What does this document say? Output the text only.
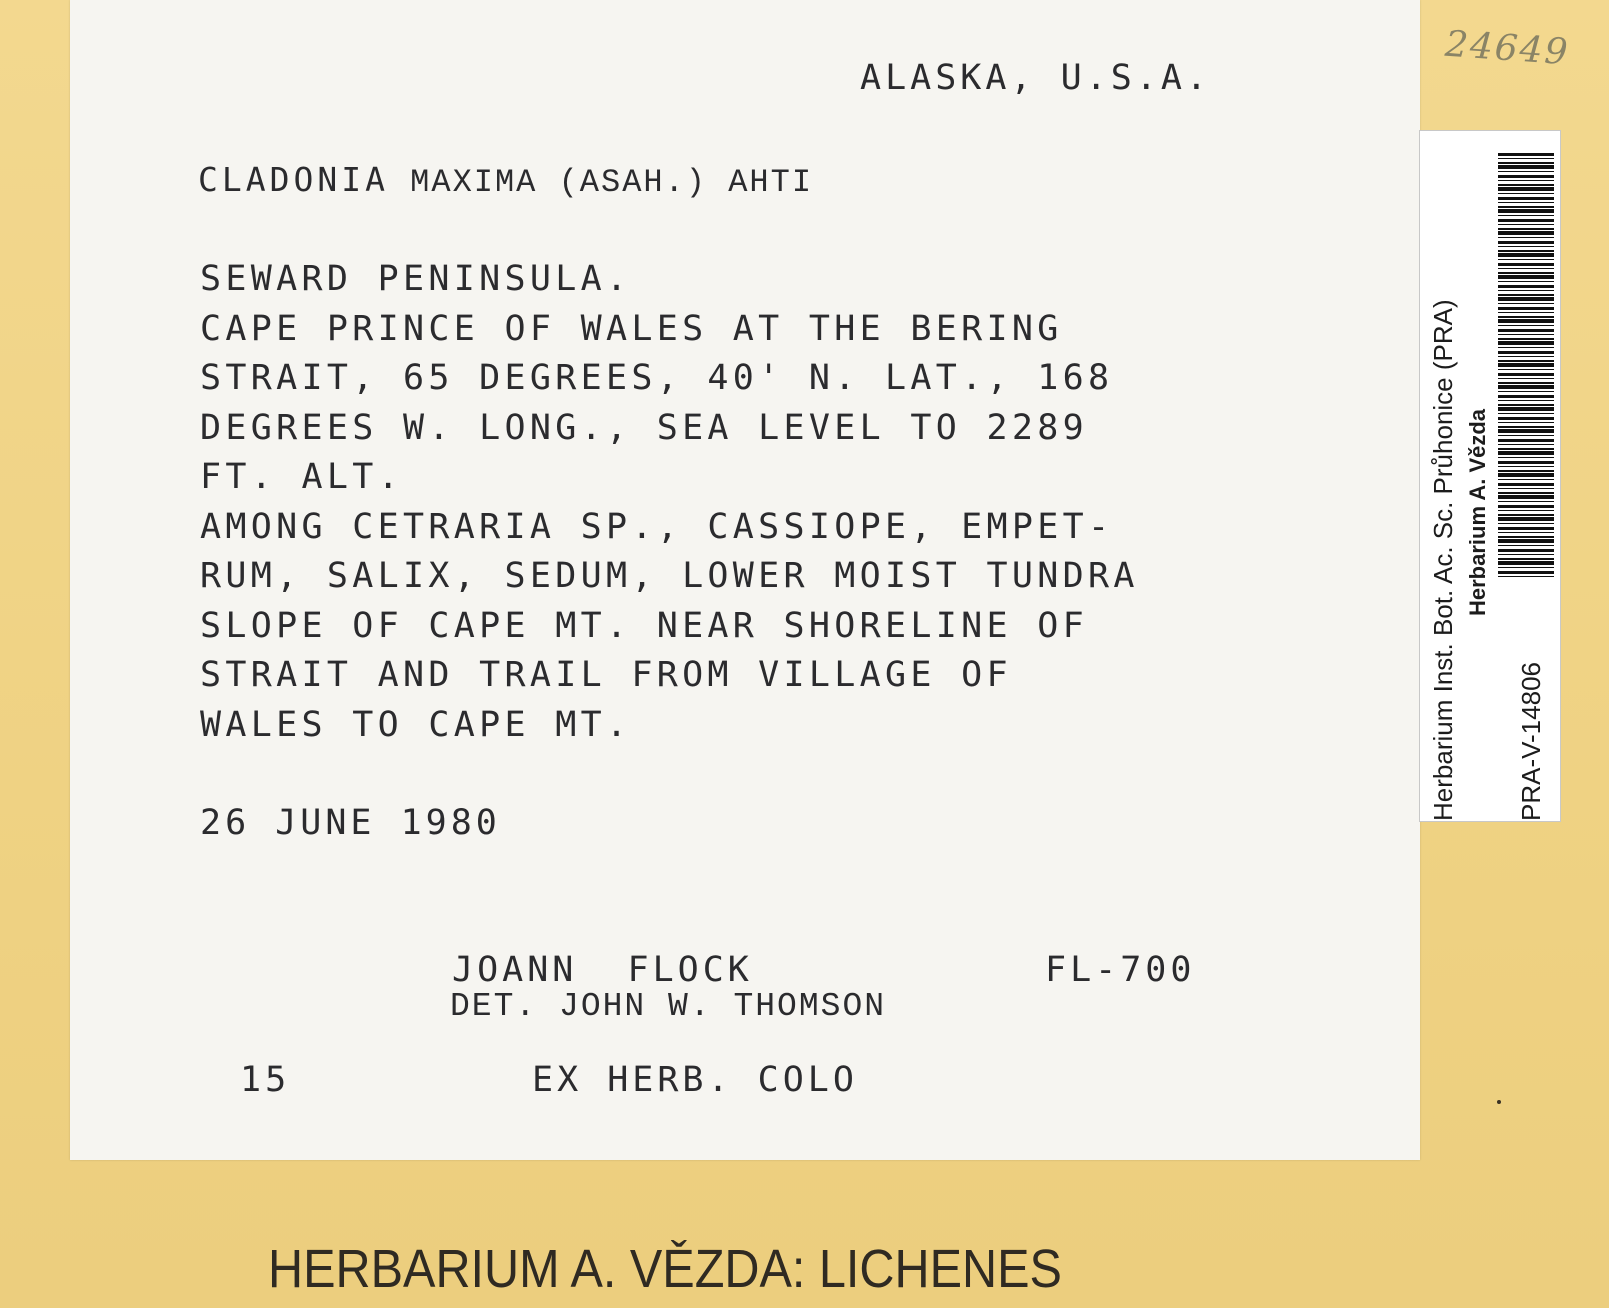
ALASKA, U.S.A.
CLADONIA MAXIMA (ASAH.) AHTI
SEWARD PENINSULA.
CAPE PRINCE OF WALES AT THE BERING
STRAIT, 65 DEGREES, 40' N. LAT., 168
DEGREES W. LONG., SEA LEVEL TO 2289
FT. ALT.
AMONG CETRARIA SP., CASSIOPE, EMPET-
RUM, SALIX, SEDUM, LOWER MOIST TUNDRA
SLOPE OF CAPE MT. NEAR SHORELINE OF
STRAIT AND TRAIL FROM VILLAGE OF
WALES TO CAPE MT.
26 JUNE 1980
JOANN  FLOCK	FL-700
DET. JOHN W. THOMSON
15	EX HERB. COLO
24649
Herbarium Inst. Bot. Ac. Sc. Průhonice (PRA) Herbarium A. Vězda
PRA-V-14806
HERBARIUM A. VĚZDA: LICHENES
